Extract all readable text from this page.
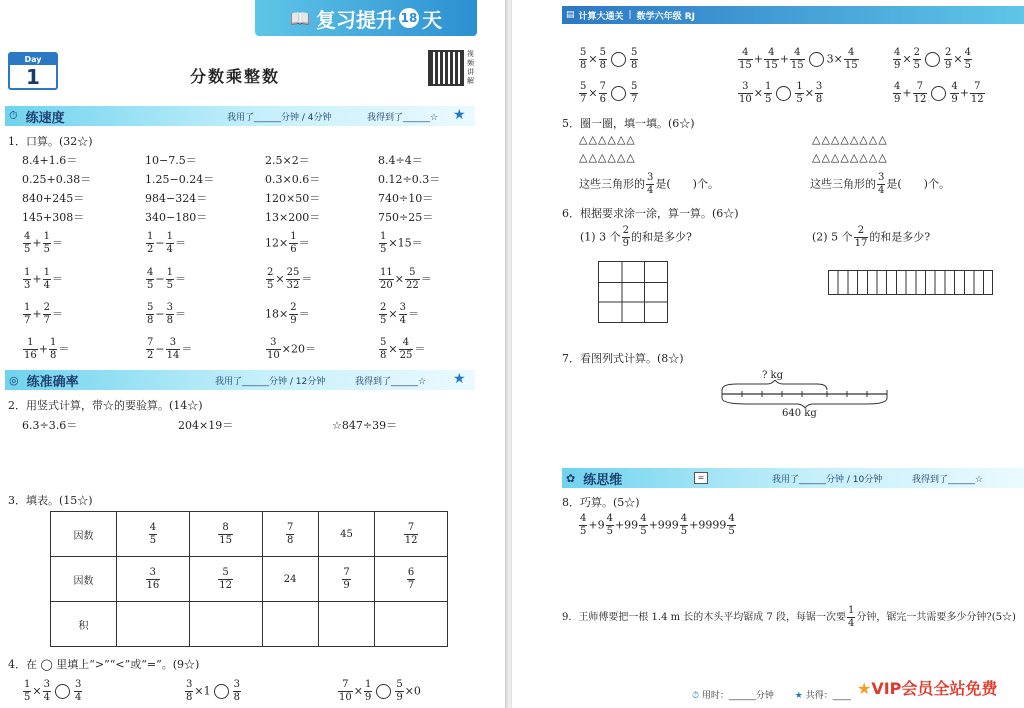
📖 复习提升 18 天
Day
1	分数乘整数
视频讲解
⏱ 练速度	我用了______分钟 / 4分钟	我得到了______☆ ★
1．口算。(32☆)
8.4+1.6＝	10−7.5＝	2.5×2＝	8.4÷4＝
0.25+0.38＝	1.25−0.24＝	0.3×0.6＝	0.12÷0.3＝
840+245＝	984−324＝	120×50＝	740÷10＝
145+308＝	340−180＝	13×200＝	750÷25＝
$\frac{4}{5} + \frac{1}{5}$ ＝	$\frac{1}{2} - \frac{1}{4}$ ＝	$12\times \frac{1}{6}$ ＝	$\frac{1}{5} \times 15=$
$\frac{1}{3} + \frac{1}{4}$ ＝	$\frac{4}{5} - \frac{1}{5}$ ＝	$\frac{2}{5} \times \frac{25}{32}$ ＝	$\frac{11}{20} \times \frac{5}{22}$ ＝
$\frac{1}{7} + \frac{2}{7}$ ＝	$\frac{5}{8} - \frac{3}{8}$ ＝	$18\times \frac{2}{9}$ ＝	$\frac{2}{5} \times \frac{3}{4}$ ＝
$\frac{1}{16} + \frac{1}{8}$ ＝	$\frac{7}{2} - \frac{3}{14}$ ＝	$\frac{3}{10} \times 20=$	$\frac{5}{8} \times \frac{4}{25}$ ＝
◎ 练准确率	我用了______分钟 / 12分钟	我得到了______☆ ★
2．用竖式计算，带☆的要验算。(14☆)
6.3÷3.6＝	204×19＝	☆847÷39＝
3．填表。(15☆)
因数	$\frac{4}{5}$	$\frac{8}{15}$	$\frac{7}{8}$	45	$\frac{7}{12}$

因数	$\frac{3}{16}$	$\frac{5}{12}$	24	$\frac{7}{9}$	$\frac{6}{7}$

积					
4．在 ◯ 里填上“>”“<”或“=”。(9☆)
$\frac{1}{5} \times \frac{3}{4} \frac{3}{4}$	$\frac{3}{8} \times 1 \frac{3}{8}$	$\frac{7}{10} \times \frac{1}{9} \frac{5}{9} \times 0$
▤ 计算大通关 | 数学六年级 RJ
$\frac{5}{8} \times \frac{5}{8} \frac{5}{8}$	$\frac{4}{15} + \frac{4}{15} + \frac{4}{15} 3\times \frac{4}{15}$	$\frac{4}{9} \times \frac{2}{5} \frac{2}{9} \times \frac{4}{5}$
$\frac{5}{7} \times \frac{7}{6} \frac{5}{7}$	$\frac{3}{10} \times \frac{1}{5} \frac{1}{5} \times \frac{3}{8}$	$\frac{4}{9} + \frac{7}{12} \frac{4}{9} + \frac{7}{12}$
5．圈一圈，填一填。(6☆)
△△△△△△
△△△△△△
△△△△△△△△
△△△△△△△△
这些三角形的 $\frac{3}{4}$ 是(　　)个。	这些三角形的 $\frac{3}{4}$ 是(　　)个。
6．根据要求涂一涂，算一算。(6☆)
(1) 3 个 $\frac{2}{9}$ 的和是多少?	(2) 5 个 $\frac{2}{17}$ 的和是多少?
7．看图列式计算。(8☆)
? kg
640 kg
✿ 练思维	=	我用了______分钟 / 10分钟	我得到了______☆
8．巧算。(5☆)
$\frac{4}{5} +9 \frac{4}{5} +99 \frac{4}{5} +999 \frac{4}{5} +9999 \frac{4}{5}$
9．王师傅要把一根 1.4 m 长的木头平均锯成 7 段，每锯一次要 $\frac{1}{4}$ 分钟，锯完一共需要多少分钟?(5☆)
⏱ 用时：______分钟 ★ 共得：____ ★VIP会员全站免费
